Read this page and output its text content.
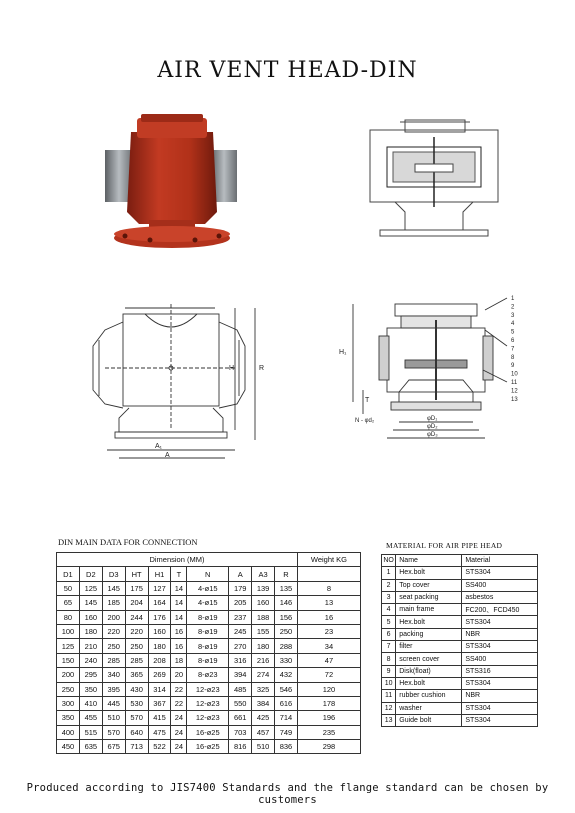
AIR VENT HEAD-DIN
A₁
A
H	R
H₁
T
N - φd₂	φD₁
φD₂
φD₃
1
2
3
4
5
6
7
8
9
10
11
12
13
DIN MAIN DATA FOR CONNECTION	MATERIAL FOR AIR PIPE HEAD
Dimension (MM)										Weight KG
D1	D2	D3	HT	H1	T	N	A	A3	R	
50	125	145	175	127	14	4-ø15	179	139	135	8
65	145	185	204	164	14	4-ø15	205	160	146	13
80	160	200	244	176	14	8-ø19	237	188	156	16
100	180	220	220	160	16	8-ø19	245	155	250	23
125	210	250	250	180	16	8-ø19	270	180	288	34
150	240	285	285	208	18	8-ø19	316	216	330	47
200	295	340	365	269	20	8-ø23	394	274	432	72
250	350	395	430	314	22	12-ø23	485	325	546	120
300	410	445	530	367	22	12-ø23	550	384	616	178
350	455	510	570	415	24	12-ø23	661	425	714	196
400	515	570	640	475	24	16-ø25	703	457	749	235
450	635	675	713	522	24	16-ø25	816	510	836	298
NO	Name	Material
1	Hex.bolt	STS304
2	Top cover	SS400
3	seat packing	asbestos
4	main frame	FC200、FCD450
5	Hex.bolt	STS304
6	packing	NBR
7	filter	STS304
8	screen cover	SS400
9	Disk(float)	STS316
10	Hex.bolt	STS304
11	rubber cushion	NBR
12	washer	STS304
13	Guide bolt	STS304
Produced according to JIS7400 Standards and the flange standard can be chosen by customers
